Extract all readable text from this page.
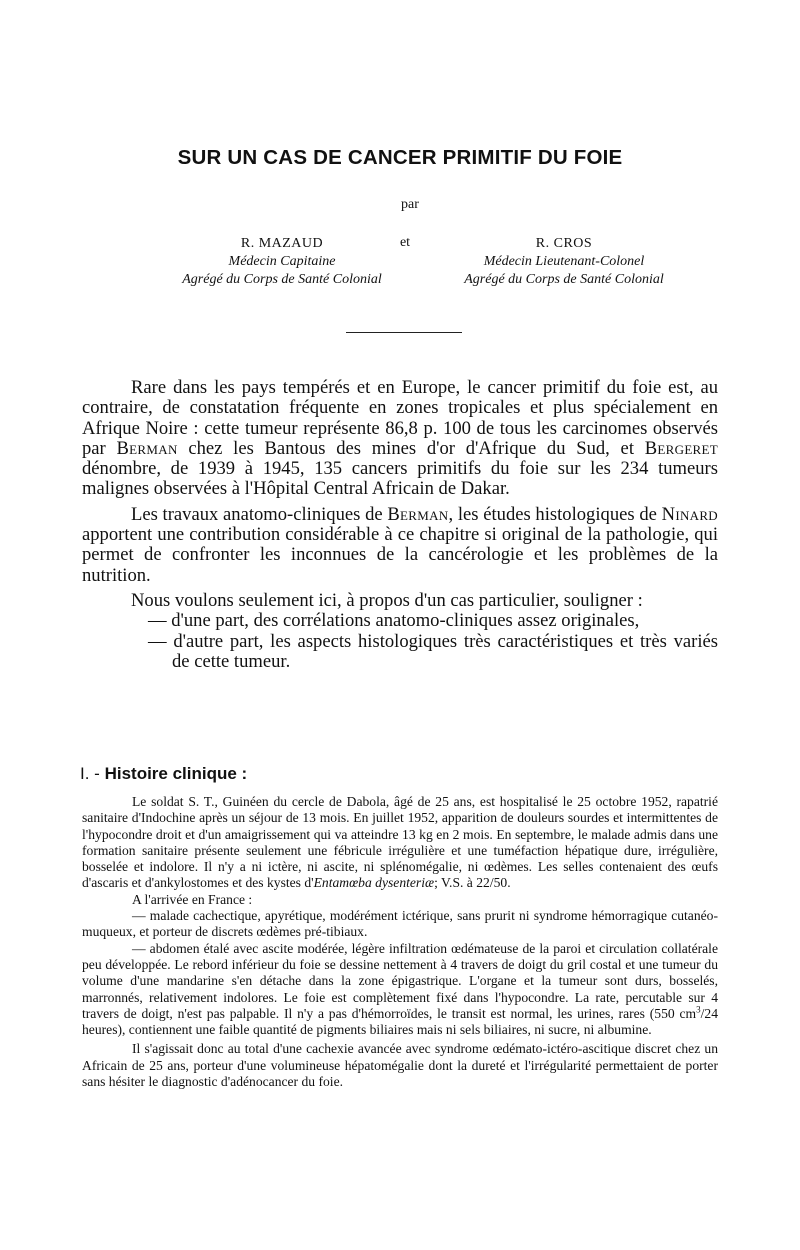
SUR UN CAS DE CANCER PRIMITIF DU FOIE
par
R. MAZAUD
Médecin Capitaine
Agrégé du Corps de Santé Colonial
et	R. CROS
Médecin Lieutenant-Colonel
Agrégé du Corps de Santé Colonial

Rare dans les pays tempérés et en Europe, le cancer primitif du foie est, au contraire, de constatation fréquente en zones tropicales et plus spécialement en Afrique Noire : cette tumeur représente 86,8 p. 100 de tous les carcinomes observés par Berman chez les Bantous des mines d'or d'Afrique du Sud, et Bergeret dénombre, de 1939 à 1945, 135 cancers primitifs du foie sur les 234 tumeurs malignes observées à l'Hôpital Central Africain de Dakar.

Les travaux anatomo-cliniques de Berman, les études histologiques de Ninard apportent une contribution considérable à ce chapitre si original de la pathologie, qui permet de confronter les inconnues de la cancérologie et les problèmes de la nutrition.

Nous voulons seulement ici, à propos d'un cas particulier, souligner :

— d'une part, des corrélations anatomo-cliniques assez originales,

— d'autre part, les aspects histologiques très caractéristiques et très variés de cette tumeur.

I. - Histoire clinique :

Le soldat S. T., Guinéen du cercle de Dabola, âgé de 25 ans, est hospitalisé le 25 octobre 1952, rapatrié sanitaire d'Indochine après un séjour de 13 mois. En juillet 1952, apparition de douleurs sourdes et intermittentes de l'hypocondre droit et d'un amaigrissement qui va atteindre 13 kg en 2 mois. En septembre, le malade admis dans une formation sanitaire présente seulement une fébricule irrégulière et une tuméfaction hépatique dure, irrégulière, bosselée et indolore. Il n'y a ni ictère, ni ascite, ni splénomégalie, ni œdèmes. Les selles contenaient des œufs d'ascaris et d'ankylostomes et des kystes d'Entamœba dysenteriæ; V.S. à 22/50.

A l'arrivée en France :

— malade cachectique, apyrétique, modérément ictérique, sans prurit ni syndrome hémorragique cutanéo-muqueux, et porteur de discrets œdèmes pré-tibiaux.

— abdomen étalé avec ascite modérée, légère infiltration œdémateuse de la paroi et circulation collatérale peu développée. Le rebord inférieur du foie se dessine nettement à 4 travers de doigt du gril costal et une tumeur du volume d'une mandarine s'en détache dans la zone épigastrique. L'organe et la tumeur sont durs, bosselés, marronnés, relativement indolores. Le foie est complètement fixé dans l'hypocondre. La rate, percutable sur 4 travers de doigt, n'est pas palpable. Il n'y a pas d'hémorroïdes, le transit est normal, les urines, rares (550 $cm^3/24$ heures), contiennent une faible quantité de pigments biliaires mais ni sels biliaires, ni sucre, ni albumine.

Il s'agissait donc au total d'une cachexie avancée avec syndrome œdémato-ictéro-ascitique discret chez un Africain de 25 ans, porteur d'une volumineuse hépatomégalie dont la dureté et l'irrégularité permettaient de porter sans hésiter le diagnostic d'adénocancer du foie.
